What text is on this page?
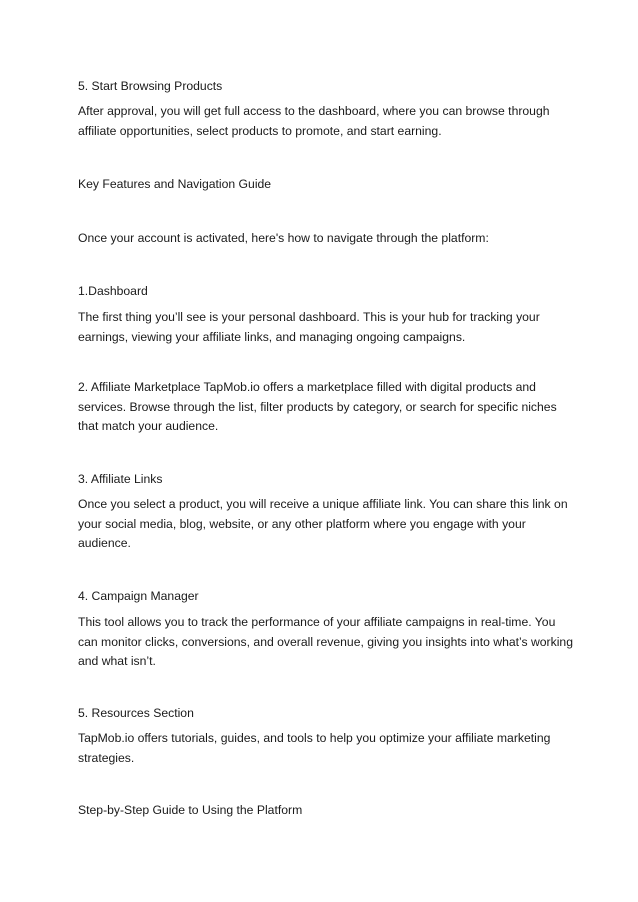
5. Start Browsing Products

After approval, you will get full access to the dashboard, where you can browse through affiliate opportunities, select products to promote, and start earning.

Key Features and Navigation Guide

Once your account is activated, here's how to navigate through the platform:

1.Dashboard

The first thing you’ll see is your personal dashboard. This is your hub for tracking your earnings, viewing your affiliate links, and managing ongoing campaigns.

2. Affiliate Marketplace TapMob.io offers a marketplace filled with digital products and services. Browse through the list, filter products by category, or search for specific niches that match your audience.

3. Affiliate Links

Once you select a product, you will receive a unique affiliate link. You can share this link on your social media, blog, website, or any other platform where you engage with your audience.

4. Campaign Manager

This tool allows you to track the performance of your affiliate campaigns in real-time. You can monitor clicks, conversions, and overall revenue, giving you insights into what’s working and what isn’t.

5. Resources Section

TapMob.io offers tutorials, guides, and tools to help you optimize your affiliate marketing strategies.

Step-by-Step Guide to Using the Platform
